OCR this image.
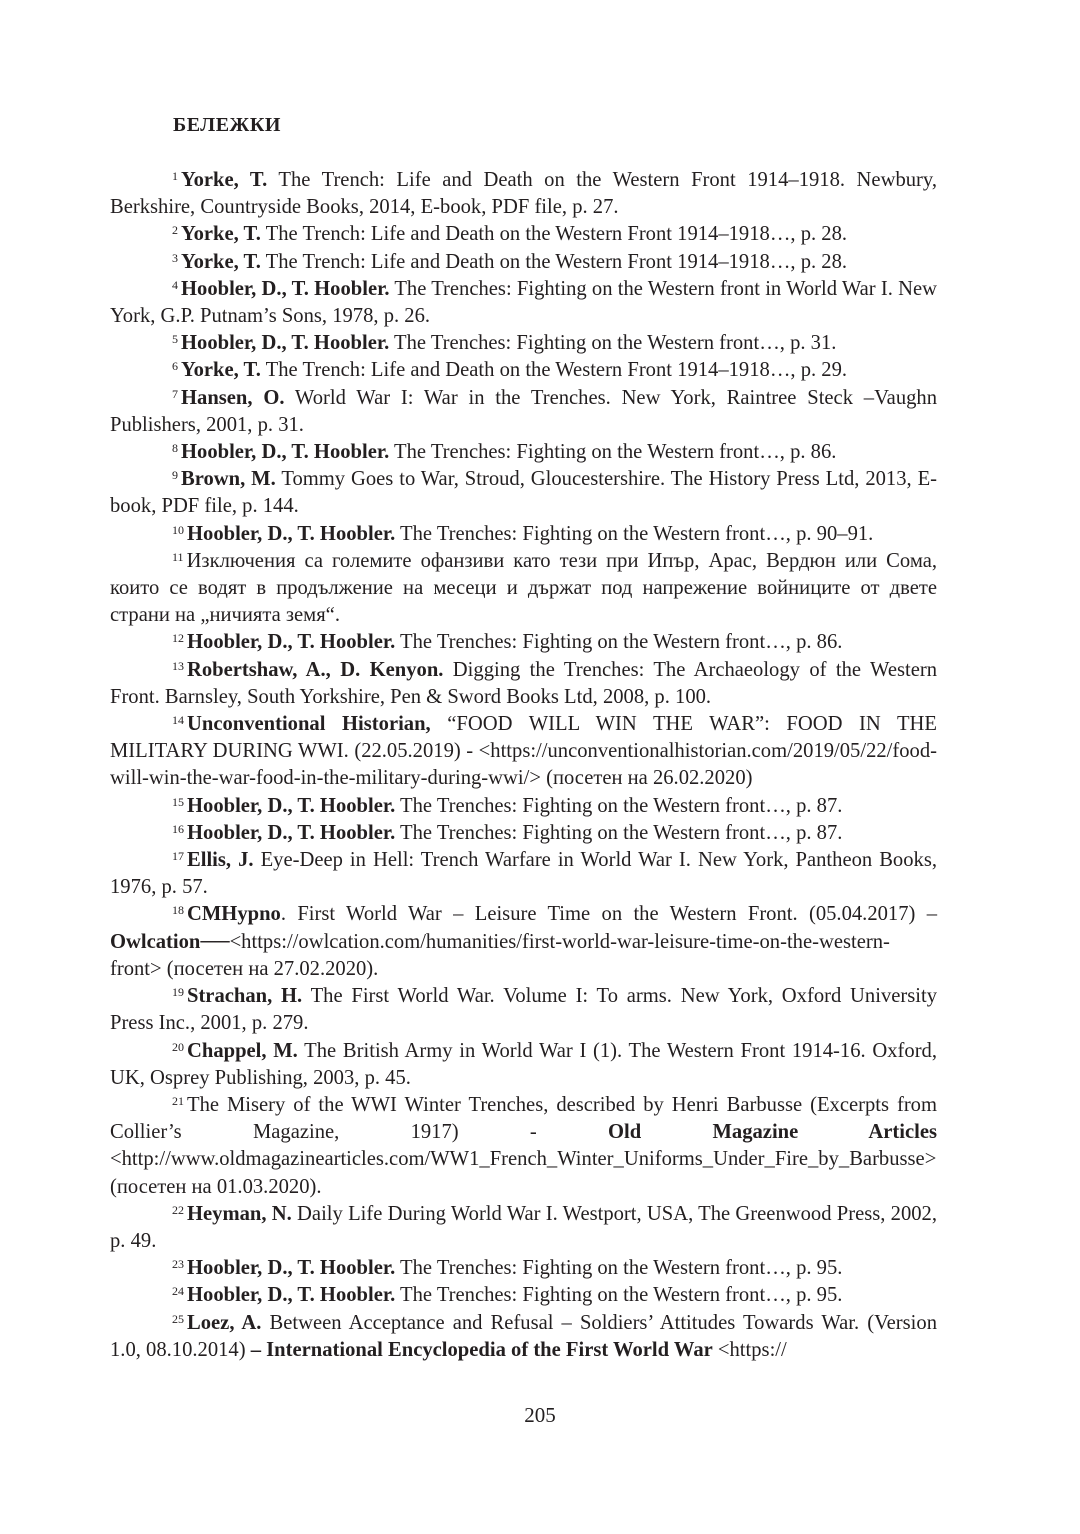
БЕЛЕЖКИ

$^1$ Yorke, T. The Trench: Life and Death on the Western Front 1914–1918. Newbury, Berkshire, Countryside Books, 2014, E-book, PDF file, p. 27.

$^2$ Yorke, T. The Trench: Life and Death on the Western Front 1914–1918…, p. 28.

$^3$ Yorke, T. The Trench: Life and Death on the Western Front 1914–1918…, p. 28.

$^4$ Hoobler, D., T. Hoobler. The Trenches: Fighting on the Western front in World War I. New York, G.P. Putnam’s Sons, 1978, p. 26.

$^5$ Hoobler, D., T. Hoobler. The Trenches: Fighting on the Western front…, p. 31.

$^6$ Yorke, T. The Trench: Life and Death on the Western Front 1914–1918…, p. 29.

$^7$ Hansen, O. World War I: War in the Trenches. New York, Raintree Steck –Vaughn Publishers, 2001, p. 31.

$^8$ Hoobler, D., T. Hoobler. The Trenches: Fighting on the Western front…, p. 86.

$^9$ Brown, M. Tommy Goes to War, Stroud, Gloucestershire. The History Press Ltd, 2013, E-book, PDF file, p. 144.

$^{10}$ Hoobler, D., T. Hoobler. The Trenches: Fighting on the Western front…, p. 90–91.

$^{11}$ Изключения са големите офанзиви като тези при Ипър, Арас, Вердюн или Сома, които се водят в продължение на месеци и държат под напрежение войниците от двете страни на „ничията земя“.

$^{12}$ Hoobler, D., T. Hoobler. The Trenches: Fighting on the Western front…, p. 86.

$^{13}$ Robertshaw, A., D. Kenyon. Digging the Trenches: The Archaeology of the Western Front. Barnsley, South Yorkshire, Pen & Sword Books Ltd, 2008, p. 100.

$^{14}$ Unconventional Historian, “FOOD WILL WIN THE WAR”: FOOD IN THE MILITARY DURING WWI. (22.05.2019) - <https://unconventionalhistorian.com/2019/05/22/food-will-win-the-war-food-in-the-military-during-wwi/> (посетен на 26.02.2020)

$^{15}$ Hoobler, D., T. Hoobler. The Trenches: Fighting on the Western front…, p. 87.

$^{16}$ Hoobler, D., T. Hoobler. The Trenches: Fighting on the Western front…, p. 87.

$^{17}$ Ellis, J. Eye-Deep in Hell: Trench Warfare in World War I. New York, Pantheon Books, 1976, p. 57.

$^{18}$ CMHypno. First World War – Leisure Time on the Western Front. (05.04.2017) – Owlcation──<https://owlcation.com/humanities/first-world-war-leisure-time-on-the-western-front> (посетен на 27.02.2020).

$^{19}$ Strachan, H. The First World War. Volume I: To arms. New York, Oxford University Press Inc., 2001, p. 279.

$^{20}$ Chappel, M. The British Army in World War I (1). The Western Front 1914-16. Oxford, UK, Osprey Publishing, 2003, p. 45.

$^{21}$ The Misery of the WWI Winter Trenches, described by Henri Barbusse (Excerpts from Collier’s Magazine, 1917) - Old Magazine Articles <http://www.oldmagazinearticles.com/WW1_French_Winter_Uniforms_Under_Fire_by_Barbusse> (посетен на 01.03.2020).

$^{22}$ Heyman, N. Daily Life During World War I. Westport, USA, The Greenwood Press, 2002, p. 49.

$^{23}$ Hoobler, D., T. Hoobler. The Trenches: Fighting on the Western front…, p. 95.

$^{24}$ Hoobler, D., T. Hoobler. The Trenches: Fighting on the Western front…, p. 95.

$^{25}$ Loez, A. Between Acceptance and Refusal – Soldiers’ Attitudes Towards War. (Version 1.0, 08.10.2014) – International Encyclopedia of the First World War <https://

205
